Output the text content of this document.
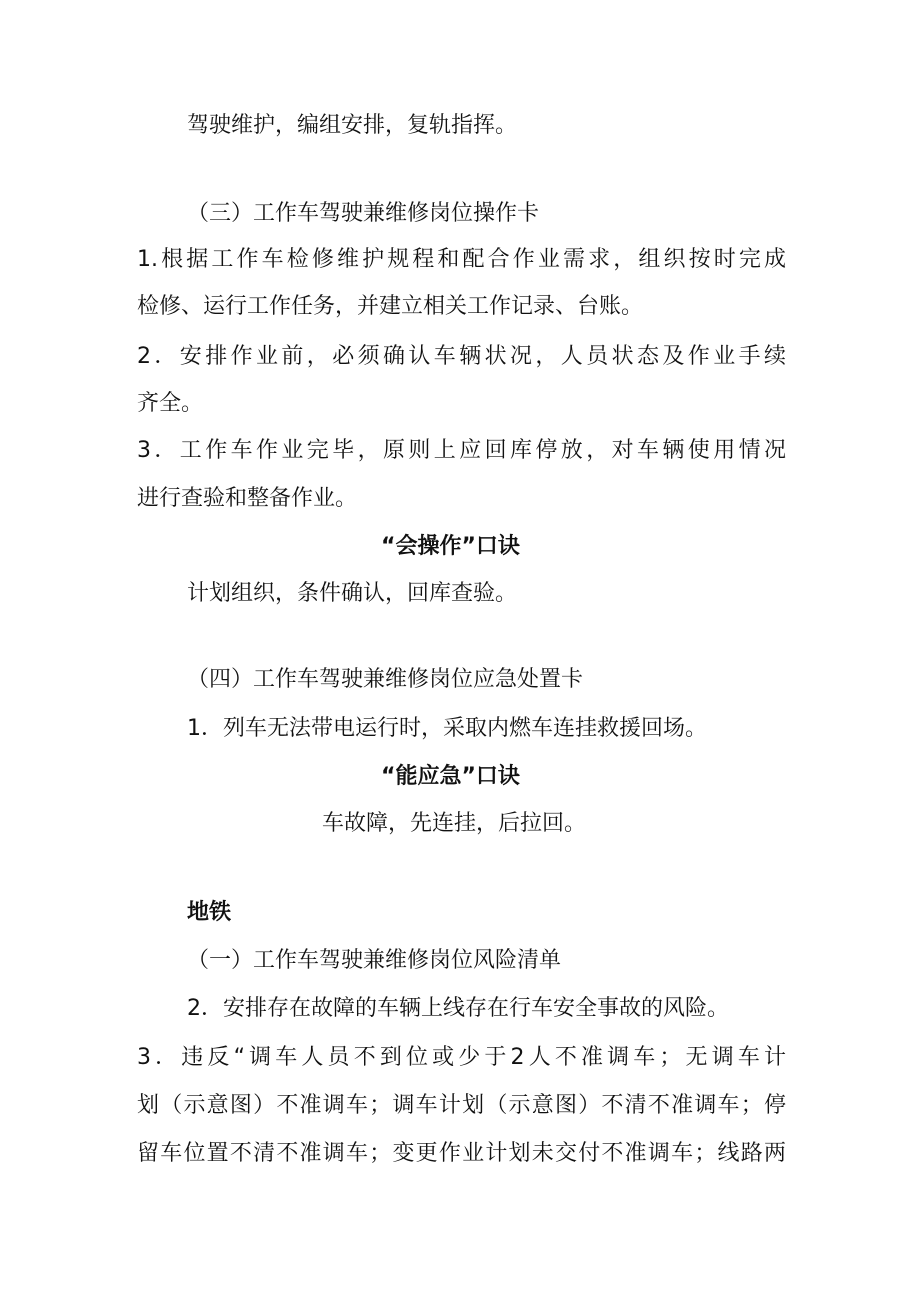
驾驶维护，编组安排，复轨指挥。
（三）工作车驾驶兼维修岗位操作卡
1.根据工作车检修维护规程和配合作业需求，组织按时完成
检修、运行工作任务，并建立相关工作记录、台账。
2．安排作业前，必须确认车辆状况，人员状态及作业手续
齐全。
3．工作车作业完毕，原则上应回库停放，对车辆使用情况
进行查验和整备作业。
“会操作”口诀
计划组织，条件确认，回库查验。
（四）工作车驾驶兼维修岗位应急处置卡
1．列车无法带电运行时，采取内燃车连挂救援回场。
“能应急”口诀
车故障，先连挂，后拉回。
地铁
（一）工作车驾驶兼维修岗位风险清单
2．安排存在故障的车辆上线存在行车安全事故的风险。
3．违反“调车人员不到位或少于2人不准调车；无调车计
划（示意图）不准调车；调车计划（示意图）不清不准调车；停
留车位置不清不准调车；变更作业计划未交付不准调车；线路两
